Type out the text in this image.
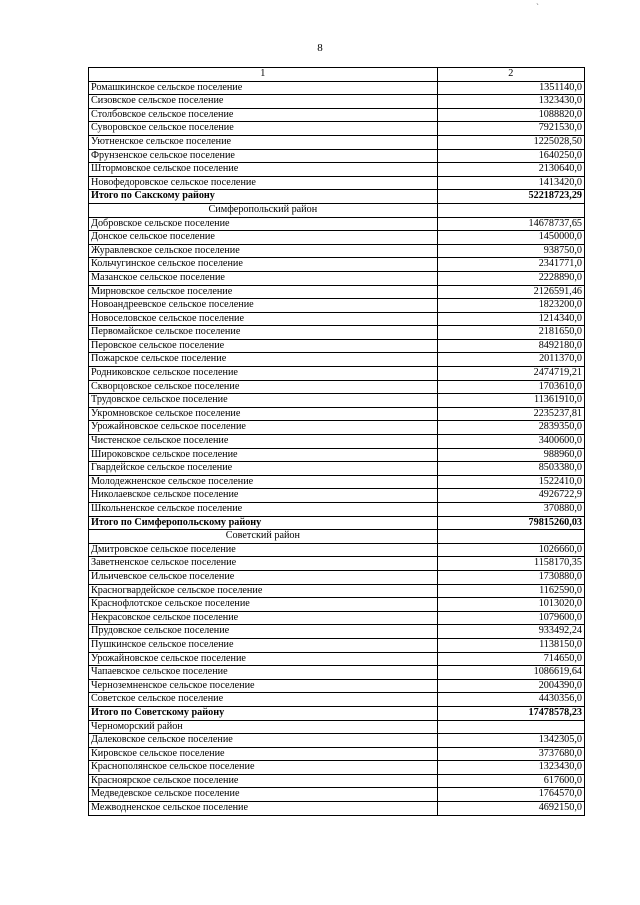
`
8
1	2
Ромашкинское сельское поселение	1351140,0
Сизовское сельское поселение	1323430,0
Столбовское сельское поселение	1088820,0
Суворовское сельское поселение	7921530,0
Уютненское сельское поселение	1225028,50
Фрунзенское сельское поселение	1640250,0
Штормовское сельское поселение	2130640,0
Новофедоровское сельское поселение	1413420,0
Итого по Сакскому району	52218723,29
Симферопольский район	
Добровское сельское поселение	14678737,65
Донское сельское поселение	1450000,0
Журавлевское сельское поселение	938750,0
Кольчугинское сельское поселение	2341771,0
Мазанское сельское поселение	2228890,0
Мирновское сельское поселение	2126591,46
Новоандреевское сельское поселение	1823200,0
Новоселовское сельское поселение	1214340,0
Первомайское сельское поселение	2181650,0
Перовское сельское поселение	8492180,0
Пожарское сельское поселение	2011370,0
Родниковское сельское поселение	2474719,21
Скворцовское сельское поселение	1703610,0
Трудовское сельское поселение	11361910,0
Укромновское сельское поселение	2235237,81
Урожайновское сельское поселение	2839350,0
Чистенское сельское поселение	3400600,0
Широковское сельское поселение	988960,0
Гвардейское сельское поселение	8503380,0
Молодежненское сельское поселение	1522410,0
Николаевское сельское поселение	4926722,9
Школьненское сельское поселение	370880,0
Итого по Симферопольскому району	79815260,03
Советский район	
Дмитровское сельское поселение	1026660,0
Заветненское сельское поселение	1158170,35
Ильичевское сельское поселение	1730880,0
Красногвардейское сельское поселение	1162590,0
Краснофлотское сельское поселение	1013020,0
Некрасовское сельское поселение	1079600,0
Прудовское сельское поселение	933492,24
Пушкинское сельское поселение	1138150,0
Урожайновское сельское поселение	714650,0
Чапаевское сельское поселение	1086619,64
Черноземненское сельское поселение	2004390,0
Советское сельское поселение	4430356,0
Итого по Советскому району	17478578,23
Черноморский район	
Далековское сельское поселение	1342305,0
Кировское сельское поселение	3737680,0
Краснополянское сельское поселение	1323430,0
Красноярское сельское поселение	617600,0
Медведевское сельское поселение	1764570,0
Межводненское сельское поселение	4692150,0
